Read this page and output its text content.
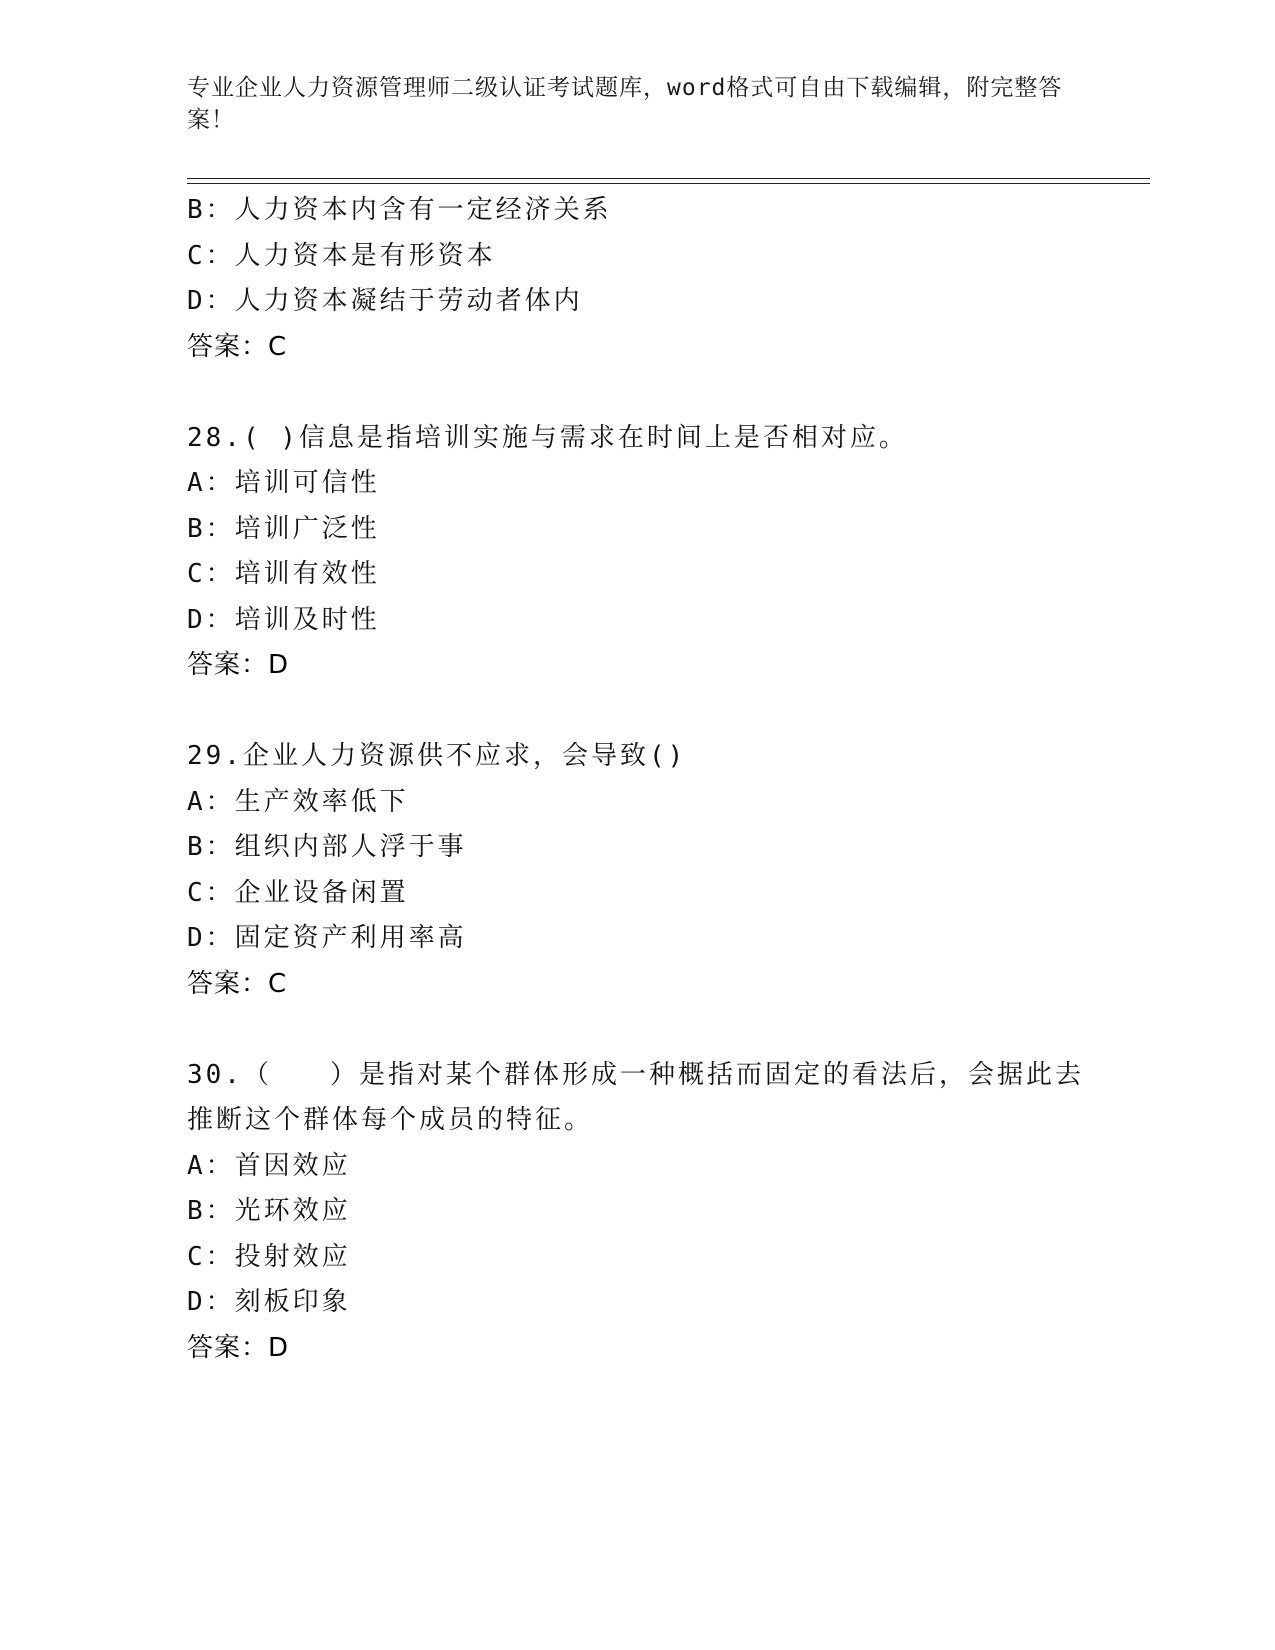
专业企业人力资源管理师二级认证考试题库，word格式可自由下载编辑，附完整答案！
B：人力资本内含有一定经济关系
C：人力资本是有形资本
D：人力资本凝结于劳动者体内
答案：C
28.( )信息是指培训实施与需求在时间上是否相对应。
A：培训可信性
B：培训广泛性
C：培训有效性
D：培训及时性
答案：D
29.企业人力资源供不应求，会导致()
A：生产效率低下
B：组织内部人浮于事
C：企业设备闲置
D：固定资产利用率高
答案：C
30.（　　）是指对某个群体形成一种概括而固定的看法后，会据此去
推断这个群体每个成员的特征。
A：首因效应
B：光环效应
C：投射效应
D：刻板印象
答案：D
